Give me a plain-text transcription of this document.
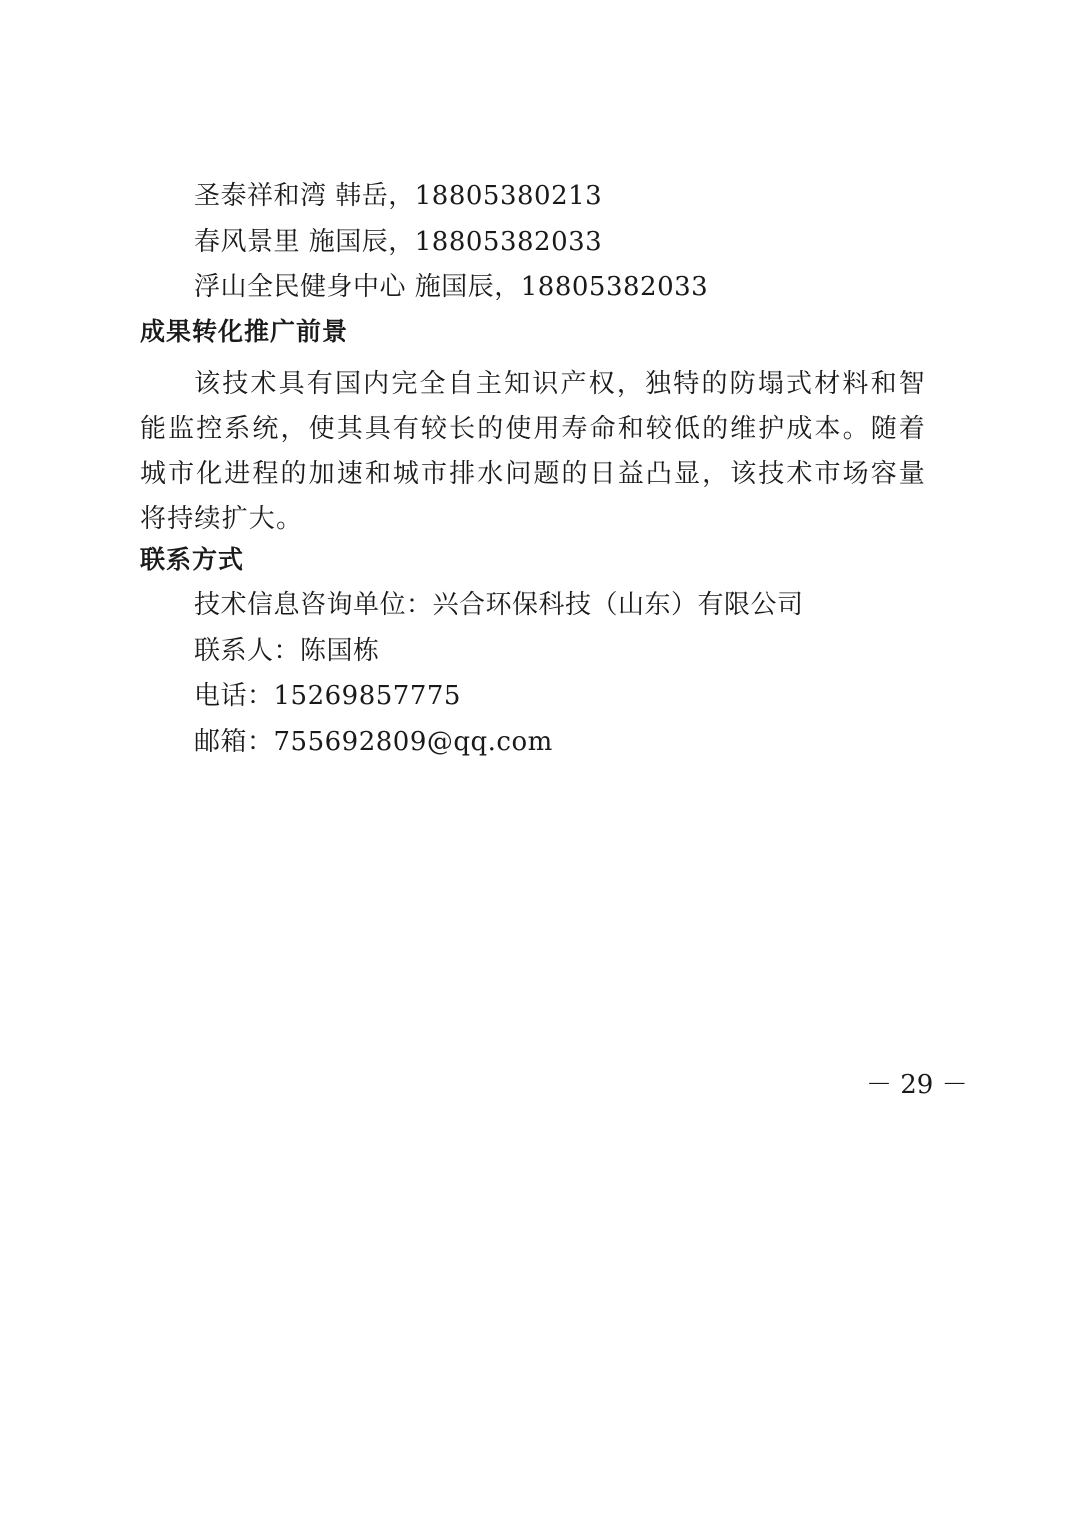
圣泰祥和湾 韩岳，18805380213
春风景里 施国辰，18805382033
浮山全民健身中心 施国辰，18805382033
成果转化推广前景
该技术具有国内完全自主知识产权，独特的防塌式材料和智能监控系统，使其具有较长的使用寿命和较低的维护成本。随着城市化进程的加速和城市排水问题的日益凸显，该技术市场容量将持续扩大。
联系方式
技术信息咨询单位：兴合环保科技（山东）有限公司
联系人：陈国栋
电话：15269857775
邮箱：755692809@qq.com
－ 29 －
